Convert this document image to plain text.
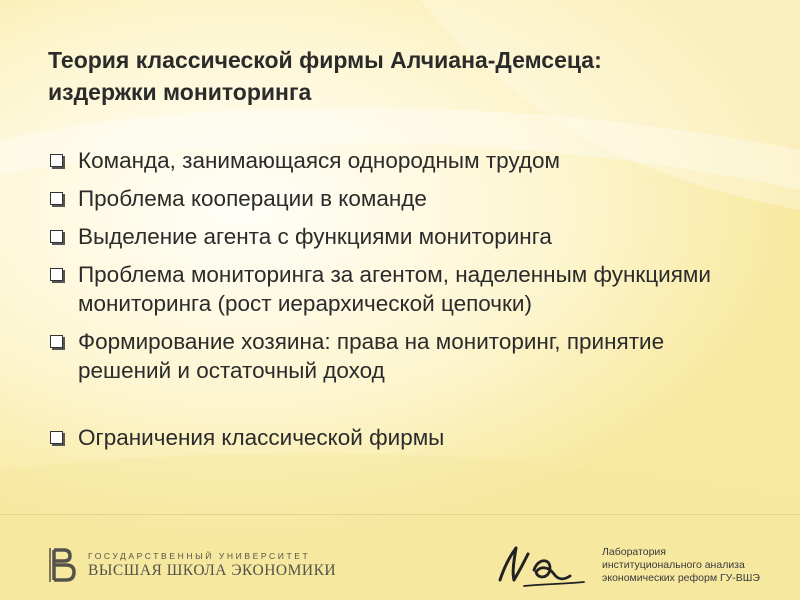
Теория классической фирмы Алчиана-Демсеца:
издержки мониторинга
Команда, занимающаяся однородным трудом
Проблема кооперации в команде
Выделение агента с функциями мониторинга
Проблема мониторинга за агентом, наделенным функциями мониторинга (рост иерархической цепочки)
Формирование хозяина: права на мониторинг, принятие решений и остаточный доход
Ограничения классической фирмы
ГОСУДАРСТВЕННЫЙ УНИВЕРСИТЕТ
ВЫСШАЯ ШКОЛА ЭКОНОМИКИ
Лаборатория
институционального анализа
экономических реформ ГУ-ВШЭ
